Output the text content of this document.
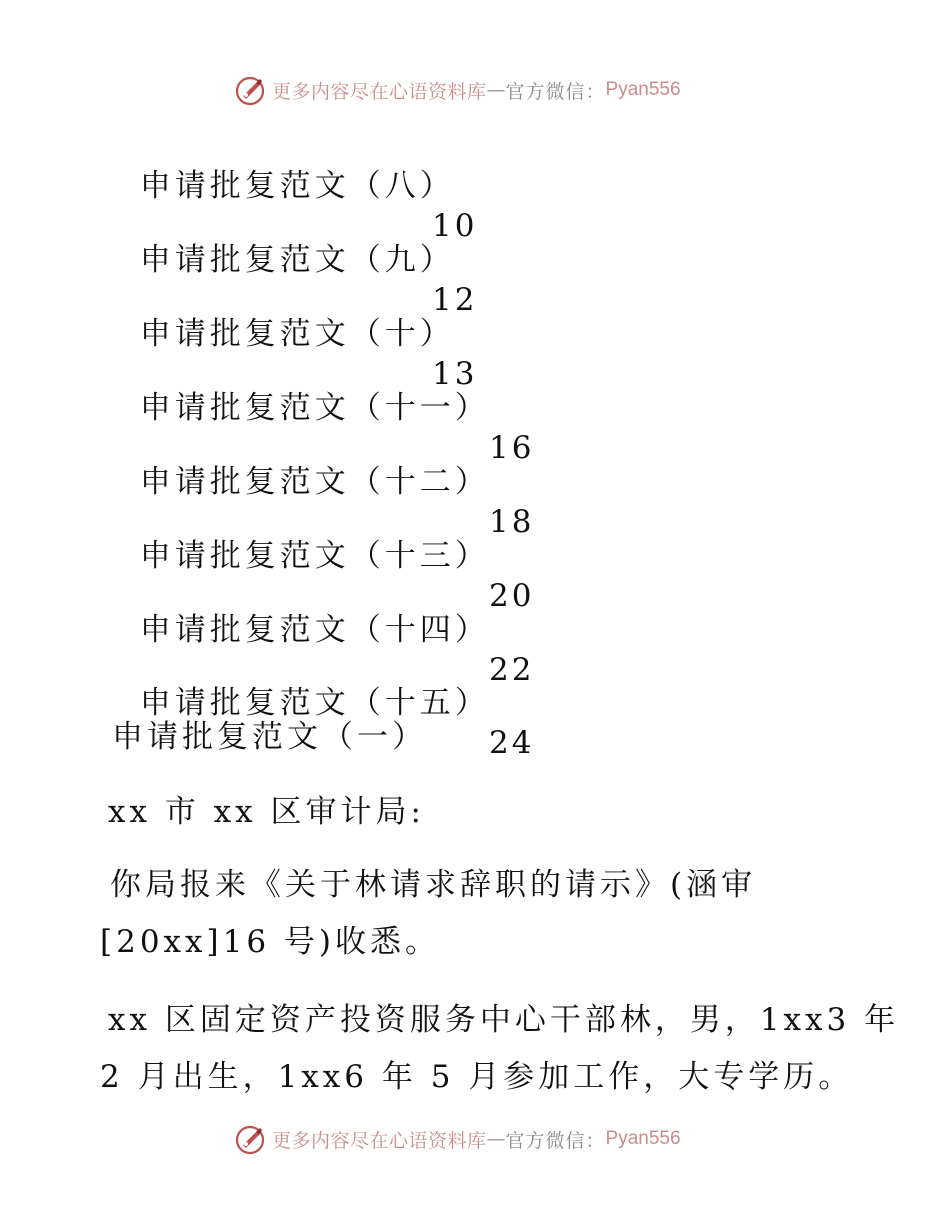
更多内容尽在心语资料库 — 官方微信： Pyan556

申请批复范文（八）

10

申请批复范文（九）

12

申请批复范文（十）

13

申请批复范文（十一）

16

申请批复范文（十二）

18

申请批复范文（十三）

20

申请批复范文（十四）

22

申请批复范文（十五）

24

申请批复范文（一）
xx 市 xx 区审计局:
你局报来《关于林请求辞职的请示》(涵审
[20xx]16 号)收悉。
xx 区固定资产投资服务中心干部林，男，1xx3 年
2 月出生，1xx6 年 5 月参加工作，大专学历。
更多内容尽在心语资料库 — 官方微信： Pyan556
